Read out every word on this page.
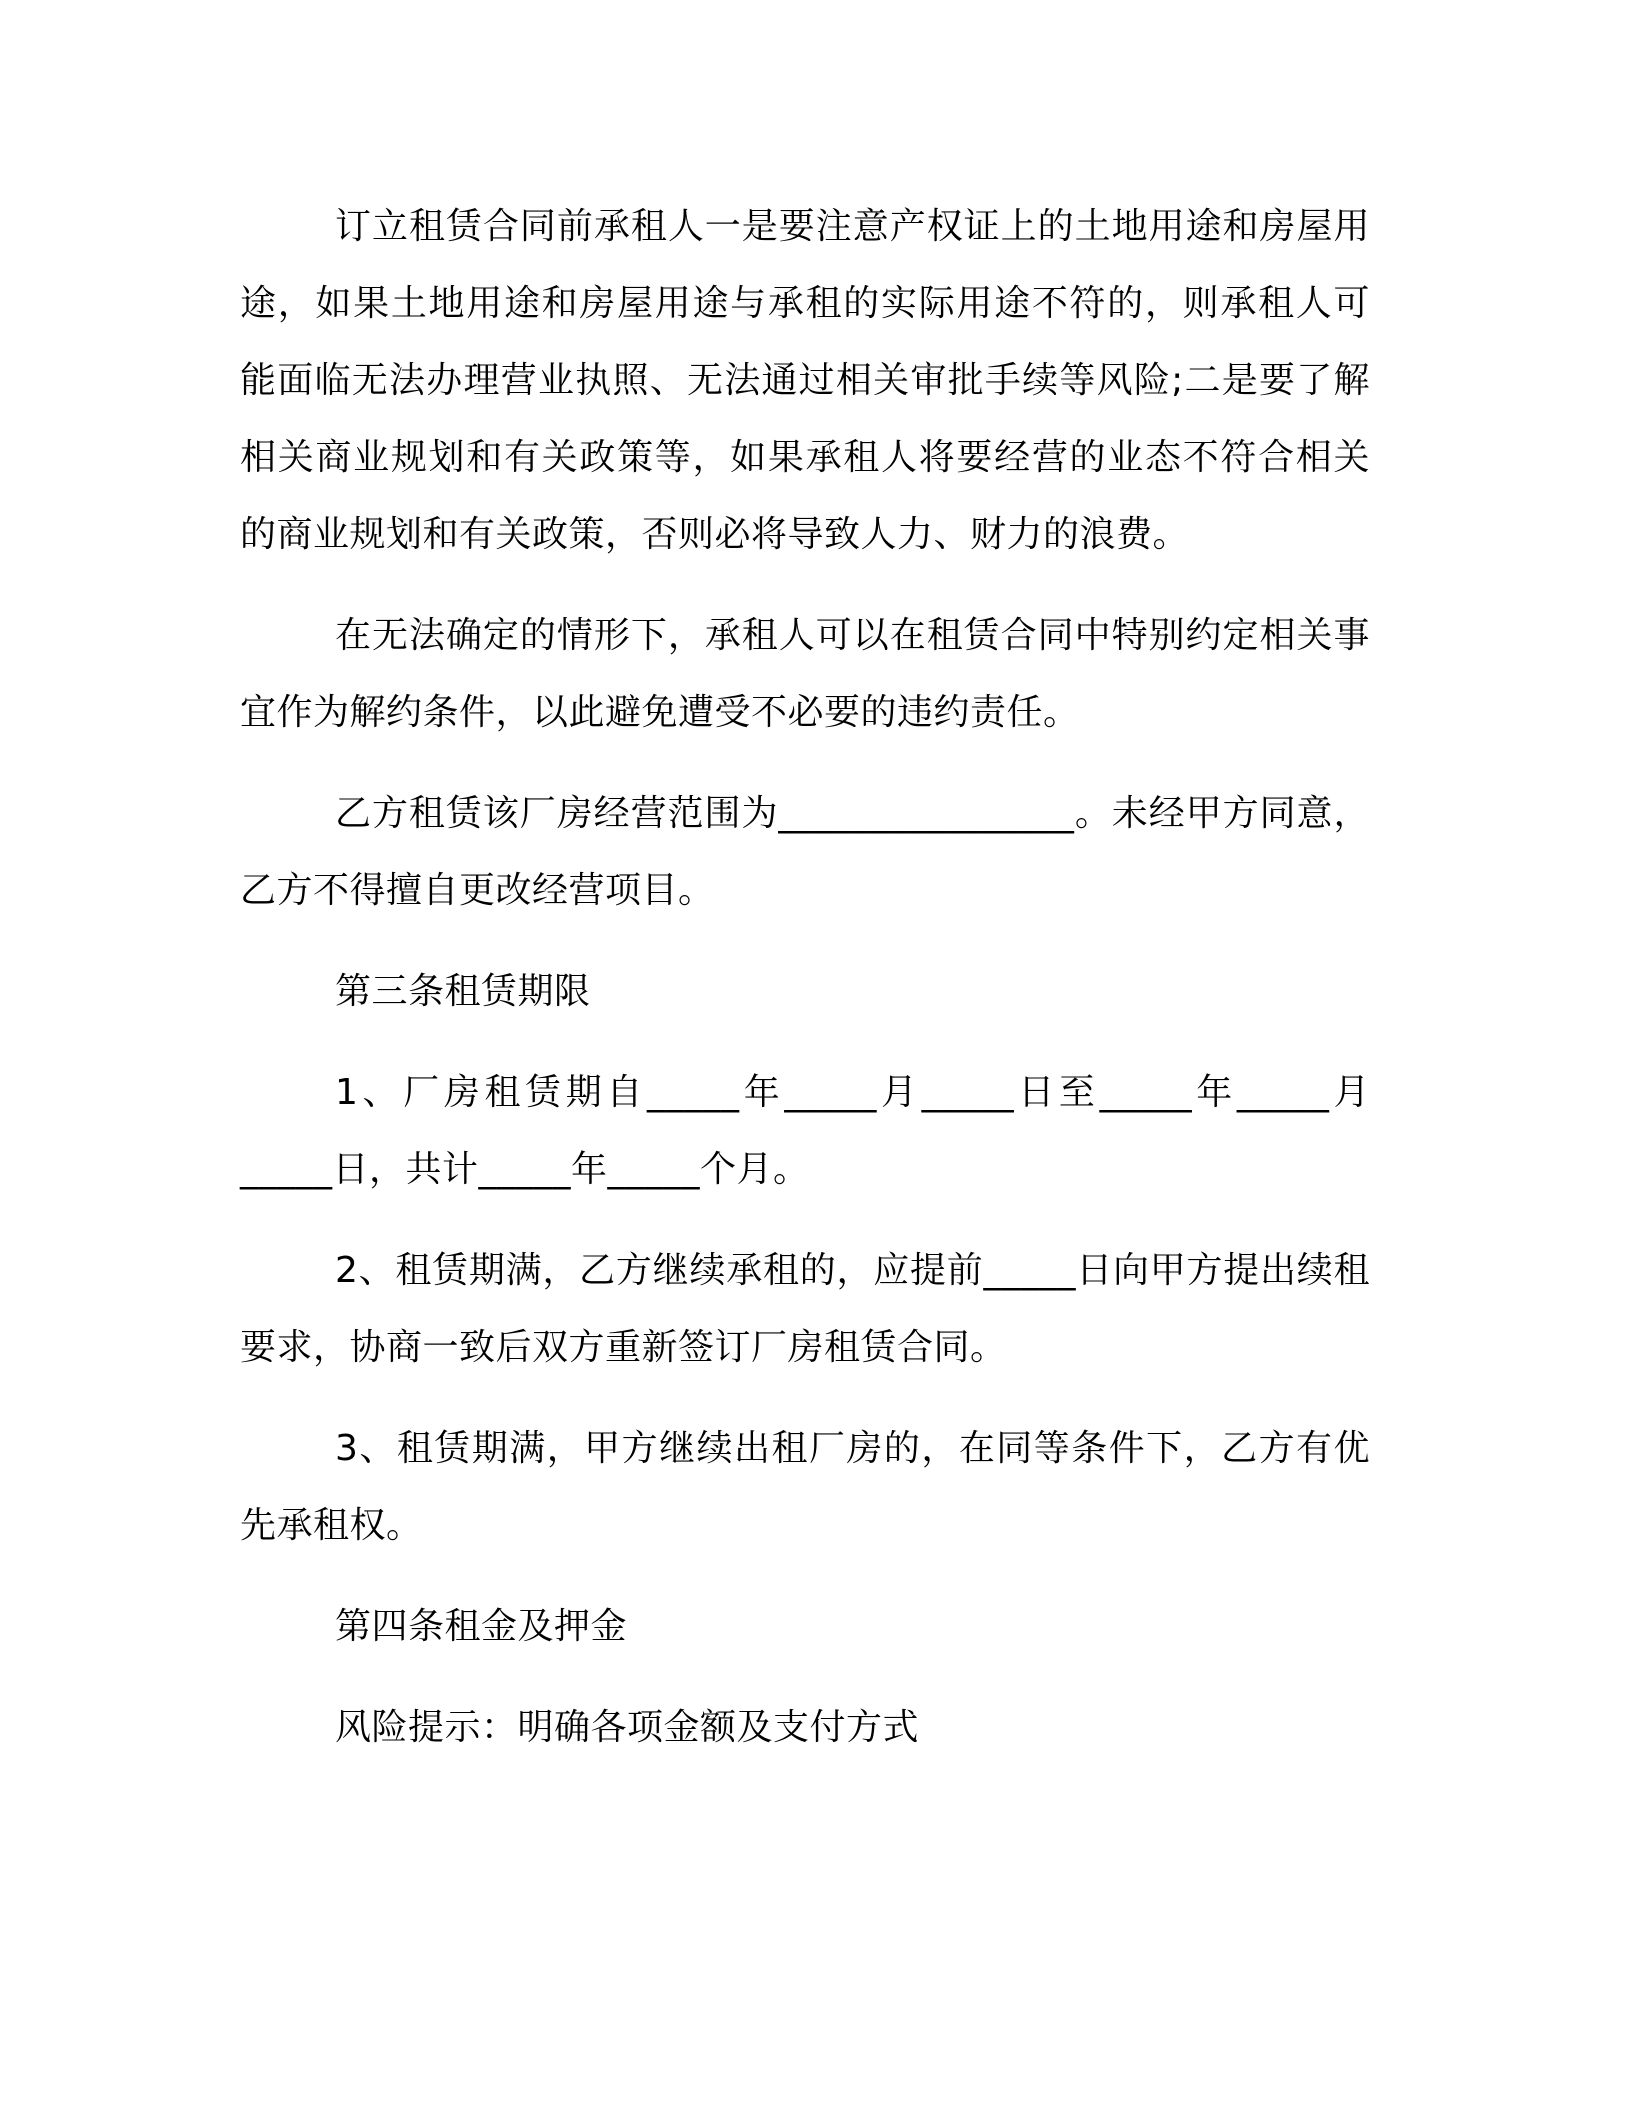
订立租赁合同前承租人一是要注意产权证上的土地用途和房屋用途，如果土地用途和房屋用途与承租的实际用途不符的，则承租人可能面临无法办理营业执照、无法通过相关审批手续等风险;二是要了解相关商业规划和有关政策等，如果承租人将要经营的业态不符合相关的商业规划和有关政策，否则必将导致人力、财力的浪费。

在无法确定的情形下，承租人可以在租赁合同中特别约定相关事宜作为解约条件，以此避免遭受不必要的违约责任。

乙方租赁该厂房经营范围为________________。未经甲方同意，乙方不得擅自更改经营项目。

第三条租赁期限

1、厂房租赁期自_____年_____月_____日至_____年_____月_____日，共计_____年_____个月。

2、租赁期满，乙方继续承租的，应提前_____日向甲方提出续租要求，协商一致后双方重新签订厂房租赁合同。

3、租赁期满，甲方继续出租厂房的，在同等条件下，乙方有优先承租权。

第四条租金及押金

风险提示：明确各项金额及支付方式
